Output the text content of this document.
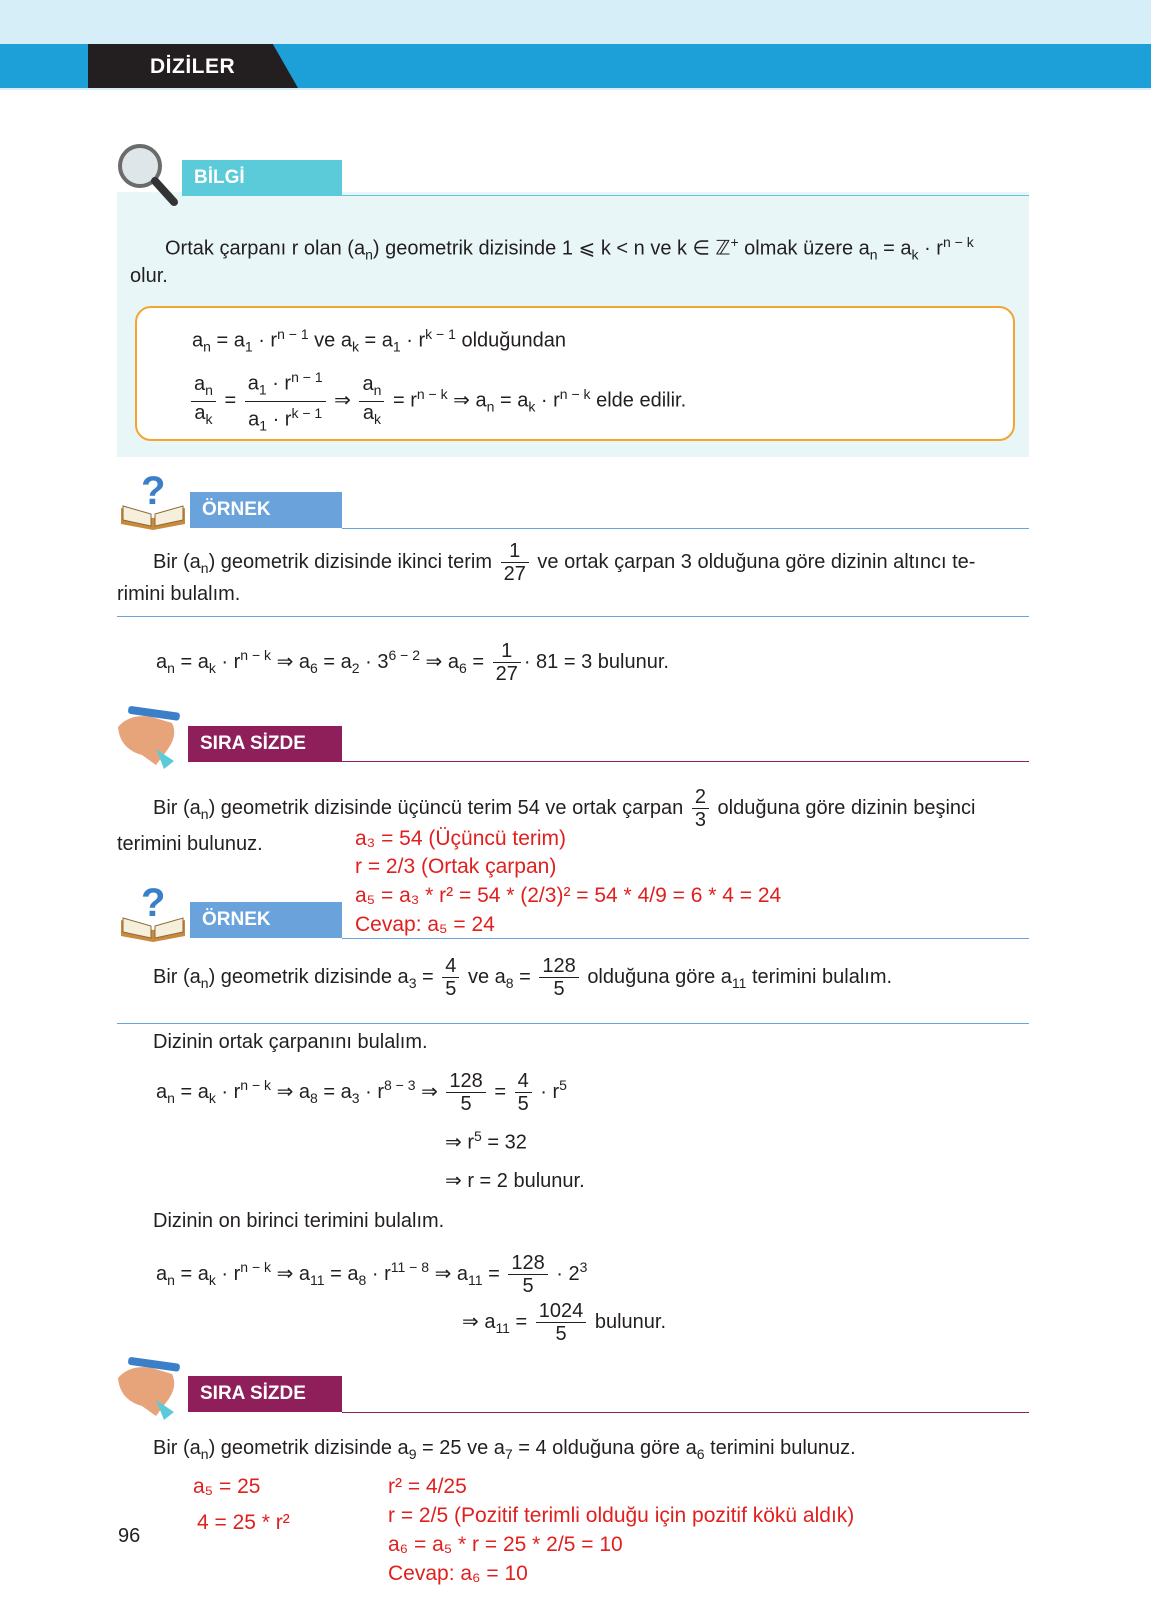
DİZİLER
BİLGİ
Ortak çarpanı r olan $(a_n)$ geometrik dizisinde 1 ⩽ k < n ve k ∈ ℤ+ olmak üzere $a_n = a_k \cdot r^{n - k}$
olur.
$a_n = a_1 \cdot r^{n - 1}$ ve $a_k = a_1 \cdot r^{k - 1}$ olduğundan
$\frac{a_n}{a_k} = \frac{a_1 \cdot r^{n - 1}}{a_1 \cdot r^{k - 1}}$ ⇒ $\frac{a_n}{a_k} = r^{n - k}$ ⇒ $a_n = a_k \cdot r^{n - k}$ elde edilir.
?	ÖRNEK
Bir $(a_n)$ geometrik dizisinde ikinci terim $\frac{1}{27}$ ve ortak çarpan 3 olduğuna göre dizinin altıncı te-
rimini bulalım.
$a_n = a_k \cdot r^{n - k}$ ⇒ $a_6 = a_2 \cdot 3^{6 - 2}$ ⇒ $a_6 = \frac{1}{27} \cdot 81 = 3$ bulunur.
SIRA SİZDE
Bir $(a_n)$ geometrik dizisinde üçüncü terim 54 ve ortak çarpan $\frac{2}{3}$ olduğuna göre dizinin beşinci
terimini bulunuz.	a₃ = 54 (Üçüncü terim)
r = 2/3 (Ortak çarpan)
a₅ = a₃ * r² = 54 * (2/3)² = 54 * 4/9 = 6 * 4 = 24
Cevap: a₅ = 24
?	ÖRNEK
Bir $(a_n)$ geometrik dizisinde $a_3 = \frac{4}{5}$ ve $a_8 = \frac{128}{5}$ olduğuna göre $a_{11}$ terimini bulalım.
Dizinin ortak çarpanını bulalım.
$a_n = a_k \cdot r^{n - k}$ ⇒ $a_8 = a_3 \cdot r^{8 - 3}$ ⇒ $\frac{128}{5} = \frac{4}{5} \cdot r^5$
⇒ $r^5 = 32$
⇒ r = 2 bulunur.
Dizinin on birinci terimini bulalım.
$a_n = a_k \cdot r^{n - k}$ ⇒ $a_{11} = a_8 \cdot r^{11 - 8}$ ⇒ $a_{11} = \frac{128}{5} \cdot 2^3$
⇒ $a_{11} = \frac{1024}{5}$ bulunur.
SIRA SİZDE
Bir $(a_n)$ geometrik dizisinde $a_9 = 25$ ve $a_7 = 4$ olduğuna göre $a_6$ terimini bulunuz.
a₅ = 25
4 = 25 * r²
r² = 4/25
r = 2/5 (Pozitif terimli olduğu için pozitif kökü aldık)
a₆ = a₅ * r = 25 * 2/5 = 10
Cevap: a₆ = 10
96
